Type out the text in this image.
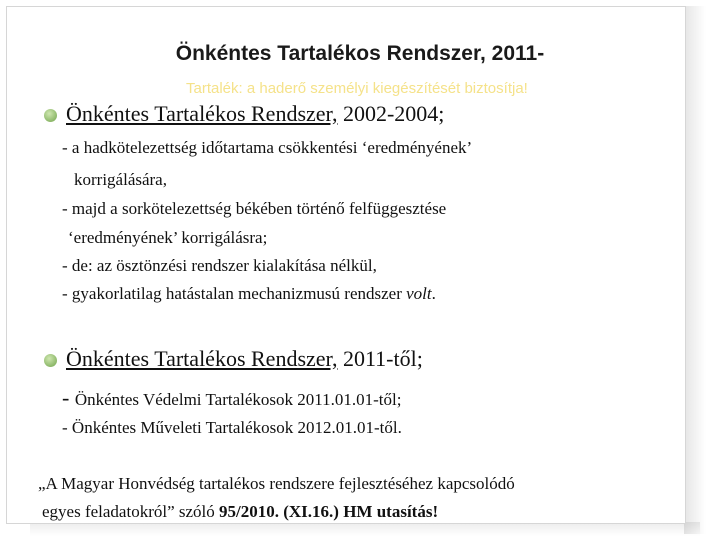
Önkéntes Tartalékos Rendszer, 2011-
Tartalék: a haderő személyi kiegészítését biztosítja!
Önkéntes Tartalékos Rendszer, 2002-2004;
- a hadkötelezettség időtartama csökkentési ‘eredményének’
korrigálására,
- majd a sorkötelezettség békében történő felfüggesztése
‘eredményének’ korrigálásra;
- de: az ösztönzési rendszer kialakítása nélkül,
- gyakorlatilag hatástalan mechanizmusú rendszer volt.
Önkéntes Tartalékos Rendszer, 2011-től;
- Önkéntes Védelmi Tartalékosok 2011.01.01-től;
- Önkéntes Műveleti Tartalékosok 2012.01.01-től.
„A Magyar Honvédség tartalékos rendszere fejlesztéséhez kapcsolódó
egyes feladatokról” szóló 95/2010. (XI.16.) HM utasítás!
